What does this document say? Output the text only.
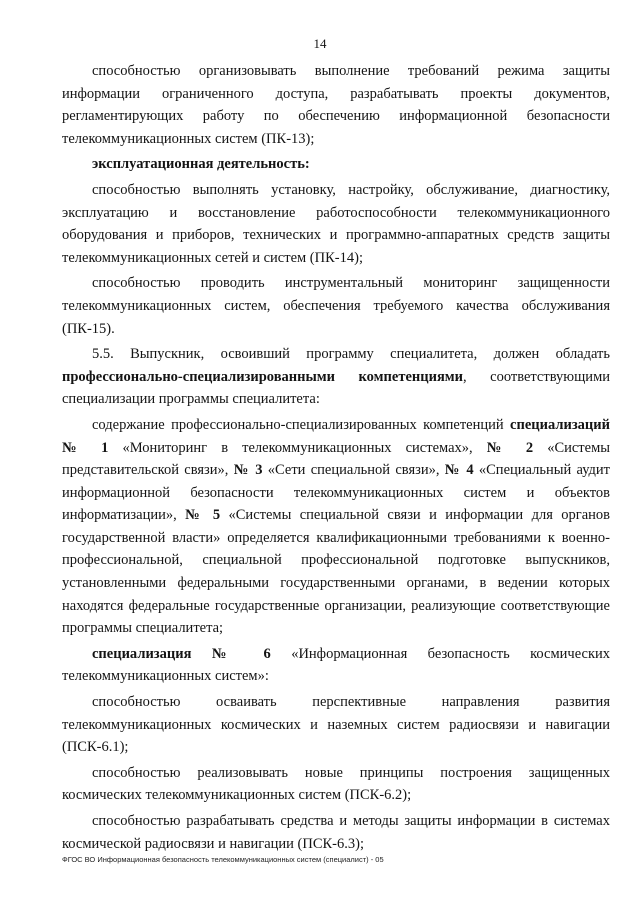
14

способностью организовывать выполнение требований режима защиты информации ограниченного доступа, разрабатывать проекты документов, регламентирующих работу по обеспечению информационной безопасности телекоммуникационных систем (ПК-13);

эксплуатационная деятельность:

способностью выполнять установку, настройку, обслуживание, диагностику, эксплуатацию и восстановление работоспособности телекоммуникационного оборудования и приборов, технических и программно-аппаратных средств защиты телекоммуникационных сетей и систем (ПК-14);

способностью проводить инструментальный мониторинг защищенности телекоммуникационных систем, обеспечения требуемого качества обслуживания (ПК-15).

5.5. Выпускник, освоивший программу специалитета, должен обладать профессионально-специализированными компетенциями, соответствующими специализации программы специалитета:

содержание профессионально-специализированных компетенций специализаций № 1 «Мониторинг в телекоммуникационных системах», № 2 «Системы представительской связи», № 3 «Сети специальной связи», № 4 «Специальный аудит информационной безопасности телекоммуникационных систем и объектов информатизации», № 5 «Системы специальной связи и информации для органов государственной власти» определяется квалификационными требованиями к военно-профессиональной, специальной профессиональной подготовке выпускников, установленными федеральными государственными органами, в ведении которых находятся федеральные государственные организации, реализующие соответствующие программы специалитета;

специализация № 6 «Информационная безопасность космических телекоммуникационных систем»:

способностью осваивать перспективные направления развития телекоммуникационных космических и наземных систем радиосвязи и навигации (ПСК-6.1);

способностью реализовывать новые принципы построения защищенных космических телекоммуникационных систем (ПСК-6.2);

способностью разрабатывать средства и методы защиты информации в системах космической радиосвязи и навигации (ПСК-6.3);

ФГОС ВО Информационная безопасность телекоммуникационных систем (специалист) - 05
